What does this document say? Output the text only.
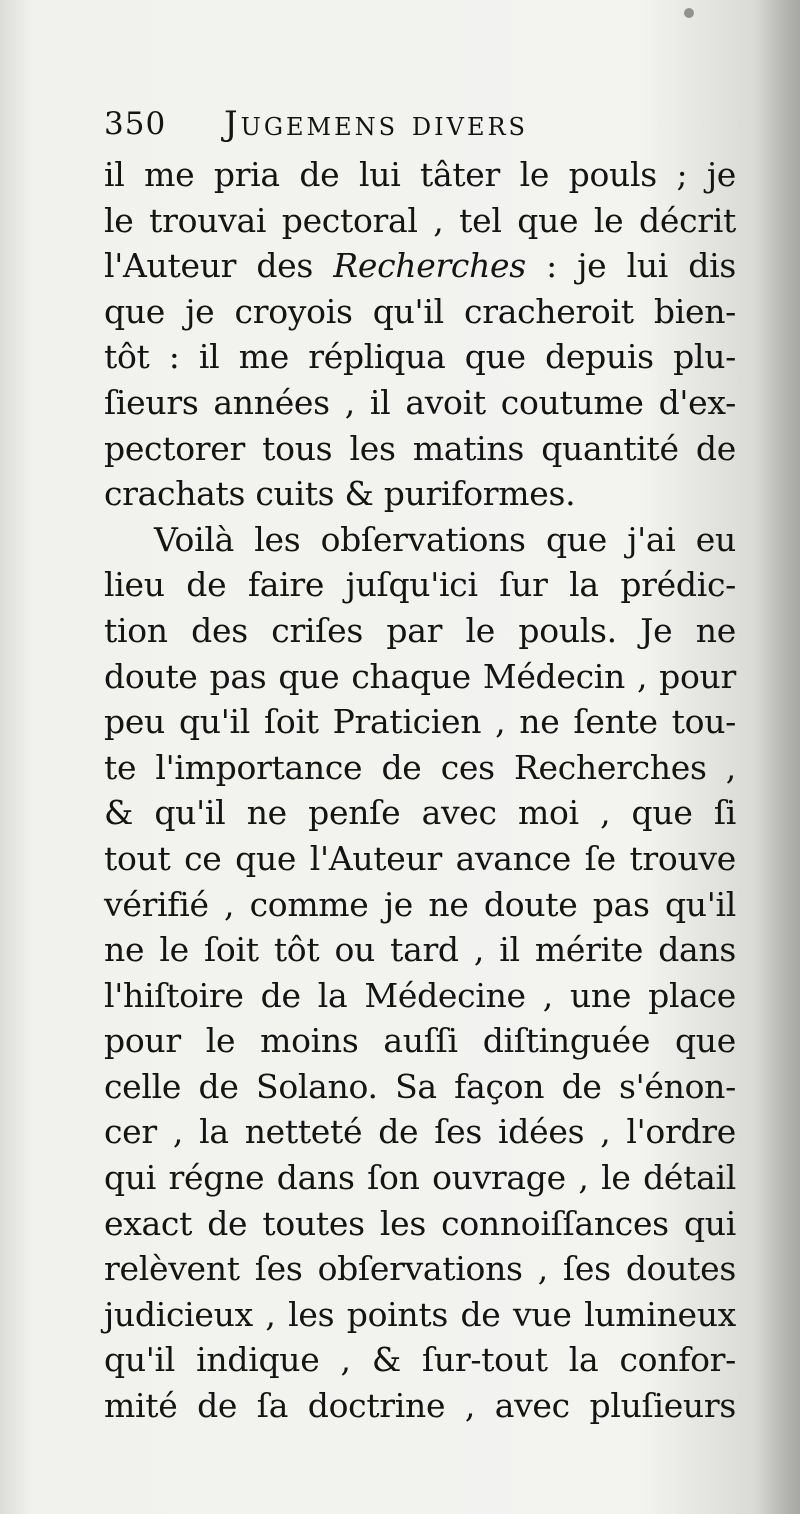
350 Jugemens divers
il me pria de lui tâter le pouls ; je
le trouvai pectoral , tel que le décrit
l'Auteur des Recherches : je lui dis
que je croyois qu'il cracheroit bien-
tôt : il me répliqua que depuis plu-
ſieurs années , il avoit coutume d'ex-
pectorer tous les matins quantité de
crachats cuits & puriformes.
Voilà les obſervations que j'ai eu
lieu de faire juſqu'ici ſur la prédic-
tion des criſes par le pouls. Je ne
doute pas que chaque Médecin , pour
peu qu'il ſoit Praticien , ne ſente tou-
te l'importance de ces Recherches ,
& qu'il ne penſe avec moi , que ſi
tout ce que l'Auteur avance ſe trouve
vérifié , comme je ne doute pas qu'il
ne le ſoit tôt ou tard , il mérite dans
l'hiſtoire de la Médecine , une place
pour le moins auſſi diſtinguée que
celle de Solano. Sa façon de s'énon-
cer , la netteté de ſes idées , l'ordre
qui régne dans ſon ouvrage , le détail
exact de toutes les connoiſſances qui
relèvent ſes obſervations , ſes doutes
judicieux , les points de vue lumineux
qu'il indique , & ſur-tout la confor-
mité de ſa doctrine , avec pluſieurs
